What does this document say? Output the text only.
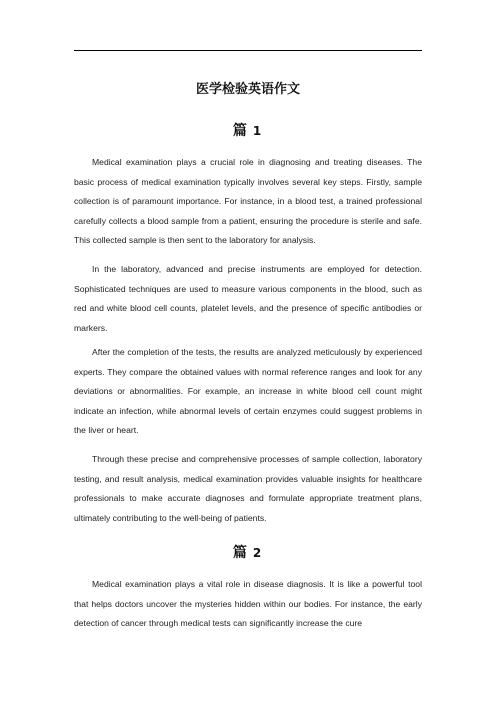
医学检验英语作文
篇 1

Medical examination plays a crucial role in diagnosing and treating diseases. The basic process of medical examination typically involves several key steps. Firstly, sample collection is of paramount importance. For instance, in a blood test, a trained professional carefully collects a blood sample from a patient, ensuring the procedure is sterile and safe. This collected sample is then sent to the laboratory for analysis.

In the laboratory, advanced and precise instruments are employed for detection. Sophisticated techniques are used to measure various components in the blood, such as red and white blood cell counts, platelet levels, and the presence of specific antibodies or markers.

After the completion of the tests, the results are analyzed meticulously by experienced experts. They compare the obtained values with normal reference ranges and look for any deviations or abnormalities. For example, an increase in white blood cell count might indicate an infection, while abnormal levels of certain enzymes could suggest problems in the liver or heart.

Through these precise and comprehensive processes of sample collection, laboratory testing, and result analysis, medical examination provides valuable insights for healthcare professionals to make accurate diagnoses and formulate appropriate treatment plans, ultimately contributing to the well-being of patients.

篇 2

Medical examination plays a vital role in disease diagnosis. It is like a powerful tool that helps doctors uncover the mysteries hidden within our bodies. For instance, the early detection of cancer through medical tests can significantly increase the cure
